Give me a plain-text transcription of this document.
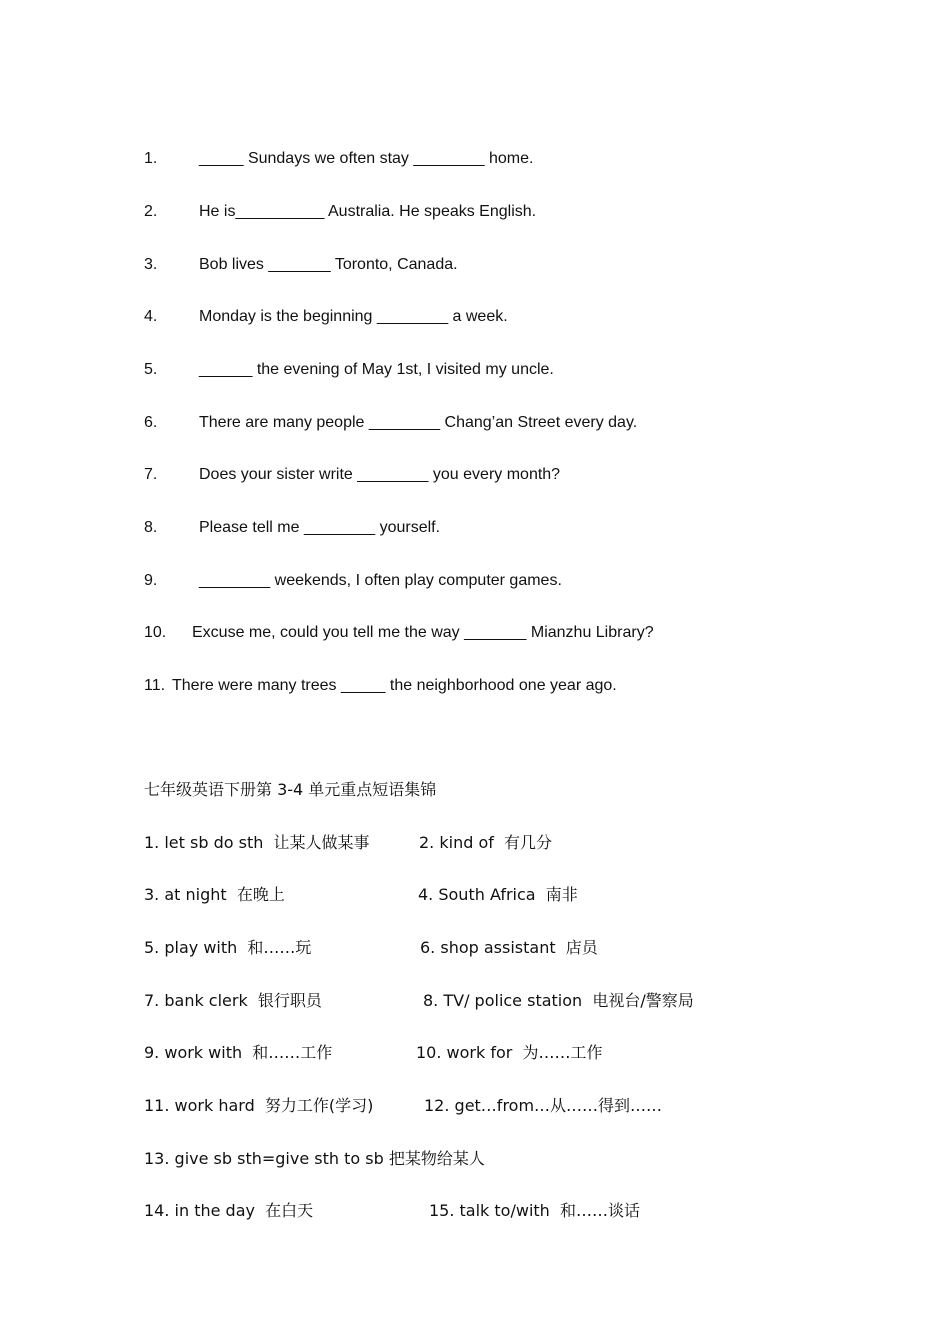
1.	_____ Sundays we often stay ________ home.
2.	He is__________ Australia. He speaks English.
3.	Bob lives _______ Toronto, Canada.
4.	Monday is the beginning ________ a week.
5.	______ the evening of May 1st, I visited my uncle.
6.	There are many people ________ Chang’an Street every day.
7.	Does your sister write ________ you every month?
8.	Please tell me ________ yourself.
9.	________ weekends, I often play computer games.
10. Excuse me, could you tell me the way _______ Mianzhu Library?
11. There were many trees _____ the neighborhood one year ago.
七年级英语下册第 3-4 单元重点短语集锦
1. let sb do sth  让某人做某事	2. kind of  有几分
3. at night  在晚上	4. South Africa  南非
5. play with  和……玩	6. shop assistant  店员
7. bank clerk  银行职员	8. TV/ police station  电视台/警察局
9. work with  和……工作	10. work for  为……工作
11. work hard  努力工作(学习)	12. get…from…从……得到……
13. give sb sth=give sth to sb 把某物给某人
14. in the day  在白天	15. talk to/with  和……谈话
